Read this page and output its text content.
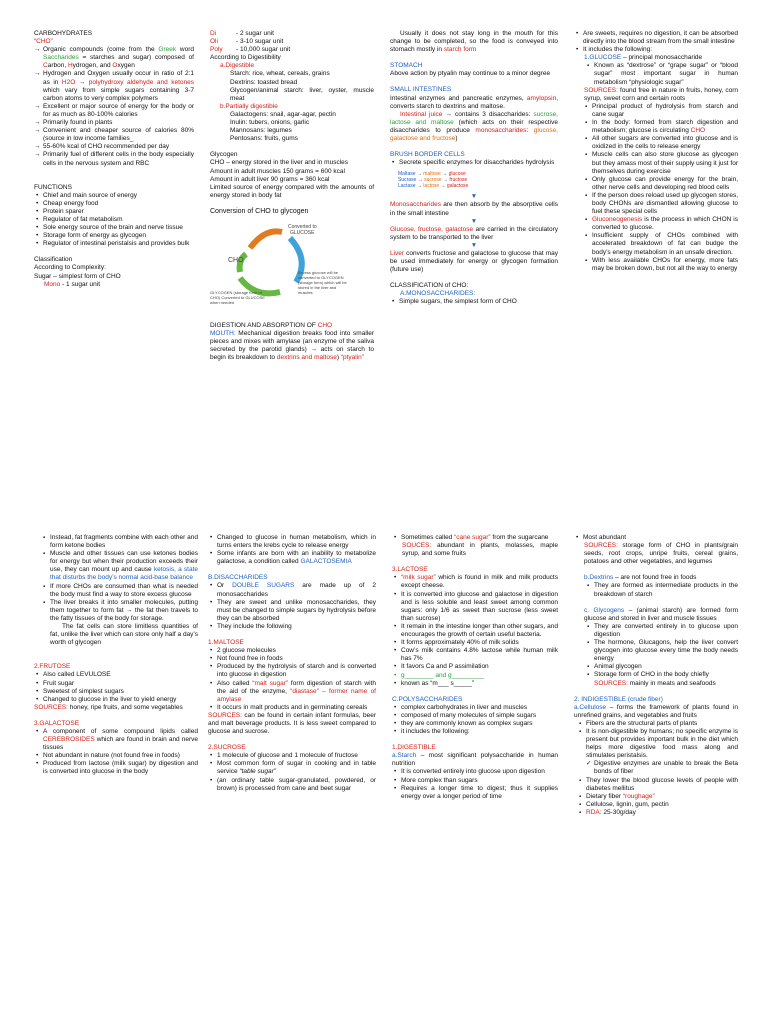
CARBOHYDRATES

“CHO”

→ Organic compounds (come from the Greek word Saccharides = starches and sugar) composed of Carbon, Hydrogen, and Oxygen
→ Hydrogen and Oxygen usually occur in ratio of 2:1 as in H2O → polyhydroxy aldehyde and ketones which vary from simple sugars containing 3-7 carbon atoms to very complex polymers
→ Excellent or major source of energy for the body or for as much as 80-100% calories
→ Primarily found in plants
→ Convenient and cheaper source of calories 80% (source in low income families_
→ 55-60% kcal of CHO recommended per day
→ Primarily fuel of different cells in the body especially cells in the nervous system and RBC

FUNCTIONS

• Chief and main source of energy
• Cheap energy food
• Protein sparer
• Regulator of fat metabolism
• Sole energy source of the brain and nerve tissue
• Storage form of energy as glycogen
• Regulator of intestinal peristalsis and provides bulk

Classification

According to Complexity:

Sugar – simplest form of CHO

Mono - 1 sugar unit

Di	- 2 sugar unit

Oli	- 3-10 sugar unit

Poly - 10,000 sugar unit

According to Digestibility

a.Digestible

Starch: rice, wheat, cereals, grains

Dextrins: toasted bread

Glycogen/animal starch: liver, oyster, muscle meat

b.Partially digestible

Galactogens: snail, agar-agar, pectin

Inulin: tubers, onions, garlic

Mannosans: legumes

Pentosans: fruits, gums

Glycogen

CHO – energy stored in the liver and in muscles

Amount in adult muscles 150 grams = 600 kcal

Amount in adult liver 90 grams = 360 kcal

Limited source of energy compared with the amounts of energy stored in body fat

Conversion of CHO to glycogen

CHO
Converted to
GLUCOSE
Excess glucose will be converted to GLYCOGEN (storage form) which will be stored in the liver and muscles
GLYCOGEN (storage form of CHO) Converted to GLUCOSE when needed

DIGESTION AND ABSORPTION OF CHO

MOUTH: Mechanical digestion breaks food into smaller pieces and mixes with amylase (an enzyme of the saliva secreted by the parotid glands) → acts on starch to begin its breakdown to dextrins and maltose) “ptyalin”

Usually it does not stay long in the mouth for this change to be completed, so the food is conveyed into stomach mostly in starch form

STOMACH

Above action by ptyalin may continue to a minor degree

SMALL INTESTINES

Intestinal enzymes and pancreatic enzymes, amylopsin, converts starch to dextrins and maltose.

Intestinal juice → contains 3 disaccharides: sucrose, lactose and maltose (which acts on their respective disaccharides to produce monosaccharides: glucose, galactose and fructose)

BRUSH BORDER CELLS

• Secrete specific enzymes for disaccharides hydrolysis

Maltase → maltose → glucose

Sucrase → sucrose → fructose

Lactase → lactose → galactose

▼

Monosaccharides are then absorb by the absorptive cells in the small intestine

▼

Glucose, fructose, galactose are carried in the circulatory system to be transported to the liver

▼

Liver converts fructose and galactose to glucose that may be used immediately for energy or glycogen formation (future use)

CLASSIFICATION of CHO:

A.MONOSACCHARIDES:

• Simple sugars, the simplest form of CHO
• Are sweets, requires no digestion, it can be absorbed directly into the blood stream from the small intestine
• It includes the following:

1.GLUCOSE – principal monosaccharide

▪ Known as “dextrose” or “grape sugar” or “blood sugar” most important sugar in human metabolism “physiologic sugar”

SOURCES: found free in nature in fruits, honey, corn syrup, sweet corn and certain roots

▪ Principal product of hydrolysis from starch and cane sugar
▪ In the body: formed from starch digestion and metabolism; glucose is circulating CHO
▪ All other sugars are converted into glucose and is oxidized in the cells to release energy
▪ Muscle cells can also store glucose as glycogen but they amass most of their supply using it just for themselves during exercise
▪ Only glucose can provide energy for the brain, other nerve cells and developing red blood cells
▪ If the person does reload used up glycogen stores, body CHONs are dismantled allowing glucose to fuel these special cells
▪ Gluconeogenesis is the process in which CHON is converted to glucose.
▪ Insufficient supply of CHOs combined with accelerated breakdown of fat can budge the body’s energy metabolism in an unsafe direction.
▪ With less available CHOs for energy, more fats may be broken down, but not all the way to energy
▪ Instead, fat fragments combine with each other and form ketone bodies
▪ Muscle and other tissues can use ketones bodies for energy but when their production exceeds their use, they can mount up and cause ketosis, a state that disturbs the body’s normal acid-base balance
▪ If more CHOs are consumed than what is needed the body must find a way to store excess glucose
▪ The liver breaks it into smaller molecules, putting them together to form fat → the fat then travels to the fatty tissues of the body for storage.

The fat cells can store limitless quantities of fat, unlike the liver which can store only half a day’s worth of glycogen

2.FRUTOSE

• Also called LEVULOSE
• Fruit sugar
• Sweetest of simplest sugars
• Changed to glucose in the liver to yield energy

SOURCES: honey, ripe fruits, and some vegetables

3.GALACTOSE

• A component of some compound lipids called CEREBROSIDES which are found in brain and nerve tissues
• Not abundant in nature (not found free in foods)
• Produced from lactose (milk sugar) by digestion and is converted into glucose in the body
• Changed to glucose in human metabolism, which in turns enters the krebs cycle to release energy
• Some infants are born with an inability to metabolize galactose, a condition called GALACTOSEMIA

B.DISACCHARIDES

• Or DOUBLE SUGARS are made up of 2 monosaccharides
• They are sweet and unlike monosaccharides, they must be changed to simple sugars by hydrolysis before they can be absorbed
• They include the following

1.MALTOSE

• 2 glucose molecules
• Not found free in foods
• Produced by the hydrolysis of starch and is converted into glucose in digestion
• Also called “malt sugar” form digestion of starch with the aid of the enzyme, “diastase” – former name of amylase
• It occurs in malt products and in germinating cereals

SOURCES: can be found in certain infant formulas, beer and malt beverage products. It is less sweet compared to glucose and sucrose.

2.SUCROSE

• 1 molecule of glucose and 1 molecule of fructose
• Most common form of sugar in cooking and in table service “table sugar”
• (an ordinary table sugar-granulated, powdered, or brown) is processed from cane and beet sugar
• Sometimes called “cane sugar” from the sugarcane

SOUCES: abundant in plants, molasses, maple syrup, and some fruits

3.LACTOSE

• “milk sugar” which is found in milk and milk products except cheese.
• It is converted into glucose and galactose in digestion and is less soluble and least sweet among common sugars: only 1/6 as sweet than sucrose (less sweet than sucrose)
• It remain in the intestine longer than other sugars, and encourages the growth of certain useful bacteria.
• It forms approximately 40% of milk solids
• Cow’s milk contains 4.8% lactose while human milk has 7%
• It favors Ca and P assimilation
• g________ and g_________
• known as “m___ s_____”

C.POLYSACCHARIDES

• complex carbohydrates in liver and muscles
• composed of many molecules of simple sugars
• they are commonly known as complex sugars
• it includes the following:

1.DIGESTIBLE

a.Starch – most significant polysaccharide in human nutrition

• It is converted entirely into glucose upon digestion
• More complex than sugars
• Requires a longer time to digest; thus it supplies energy over a longer period of time
• Most abundant

SOURCES: storage form of CHO in plants/grain seeds, root crops, unripe fruits, cereal grains, potatoes and other vegetables, and legumes

b.Dextrins – are not found free in foods

▪ They are formed as intermediate products in the breakdown of starch

c. Glycogens – (animal starch) are formed form glucose and stored in liver and muscle tissues

▪ They are converted entirely in to glucose upon digestion
▪ The hormone, Glucagons, help the liver convert glycogen into glucose every time the body needs energy
▪ Animal glycogen
▪ Storage form of CHO in the body chiefly

SOURCES: mainly in meats and seafoods

2. INDIGESTIBLE (crude fiber)

a.Cellulose – forms the framework of plants found in unrefined grains, and vegetables and fruits

▪ Fibers are the structural parts of plants
▪ It is non-digestible by humans; no specific enzyme is present but provides important bulk in the diet which helps more digestive food mass along and stimulates peristalsis.
✓ Digestive enzymes are unable to break the Beta bonds of fiber
▪ They lower the blood glucose levels of people with diabetes mellitus
▪ Dietary fiber “roughage”
▪ Cellulose, lignin, gum, pectin
▪ RDA: 25-30g/day
